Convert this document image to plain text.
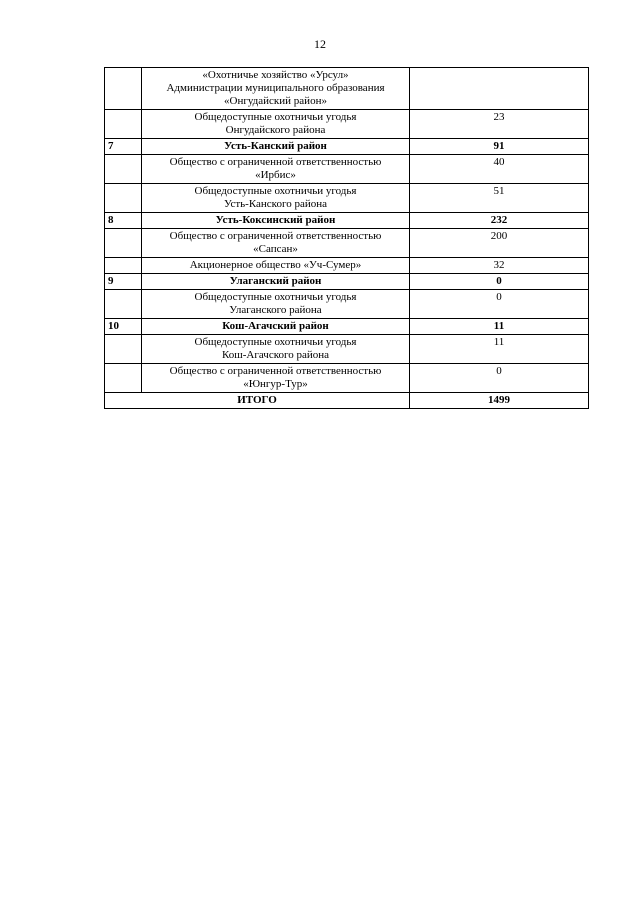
12

	«Охотничье хозяйство «Урсул»
Администрации муниципального образования
«Онгудайский район»	

	Общедоступные охотничьи угодья
Онгудайского района	23
7	Усть-Канский район	91

	Общество с ограниченной ответственностью
«Ирбис»	40

	Общедоступные охотничьи угодья
Усть-Канского района	51
8	Усть-Коксинский район	232

	Общество с ограниченной ответственностью
«Сапсан»	200

	Акционерное общество «Уч-Сумер»	32
9	Улаганский район	0

	Общедоступные охотничьи угодья
Улаганского района	0
10	Кош-Агачский район	11

	Общедоступные охотничьи угодья
Кош-Агачского района	11

	Общество с ограниченной ответственностью
«Юнгур-Тур»	0
ИТОГО		1499
